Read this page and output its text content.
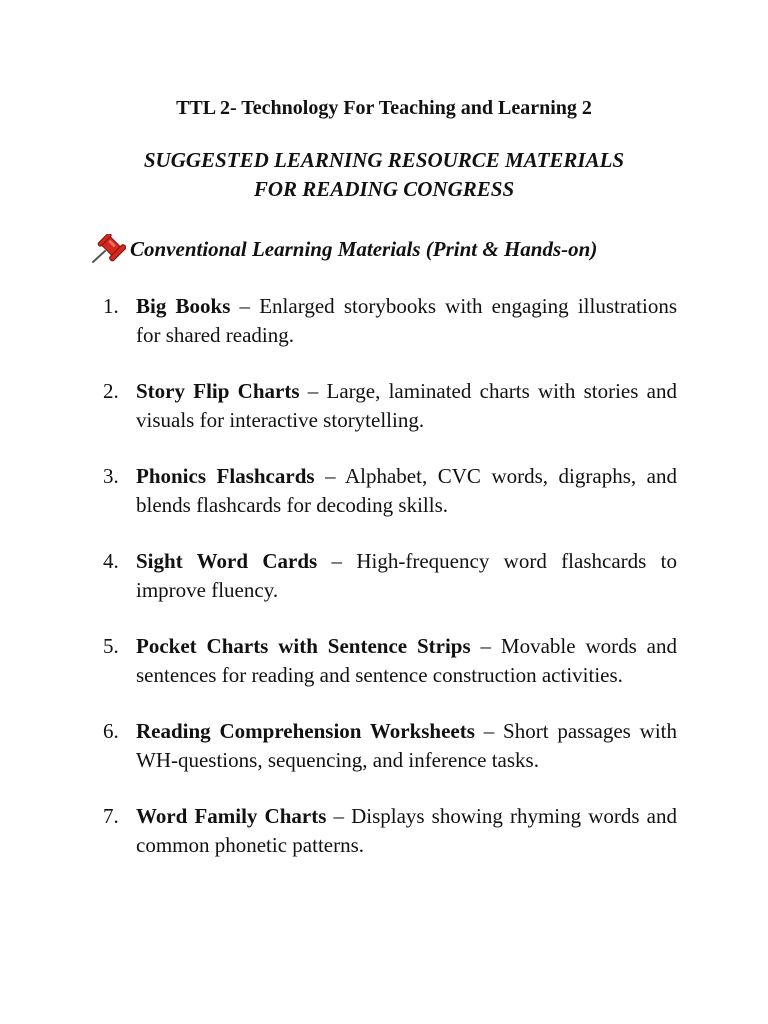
TTL 2- Technology For Teaching and Learning 2
SUGGESTED LEARNING RESOURCE MATERIALS
FOR READING CONGRESS
Conventional Learning Materials (Print & Hands-on)
1. Big Books – Enlarged storybooks with engaging illustrations for shared reading.
2. Story Flip Charts – Large, laminated charts with stories and visuals for interactive storytelling.
3. Phonics Flashcards – Alphabet, CVC words, digraphs, and blends flashcards for decoding skills.
4. Sight Word Cards – High-frequency word flashcards to improve fluency.
5. Pocket Charts with Sentence Strips – Movable words and sentences for reading and sentence construction activities.
6. Reading Comprehension Worksheets – Short passages with WH-questions, sequencing, and inference tasks.
7. Word Family Charts – Displays showing rhyming words and common phonetic patterns.
